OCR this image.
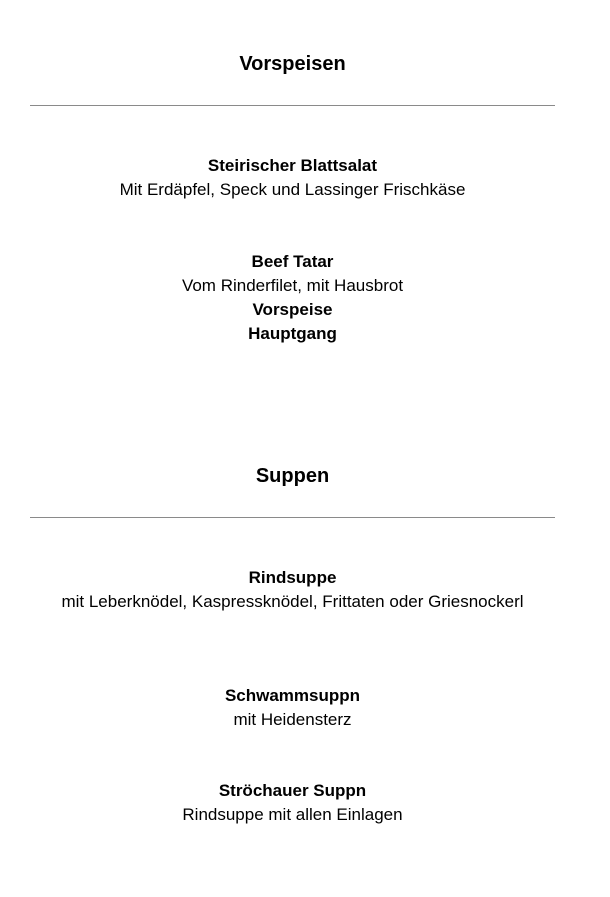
Vorspeisen
Steirischer Blattsalat
Mit Erdäpfel, Speck und Lassinger Frischkäse
Beef Tatar
Vom Rinderfilet, mit Hausbrot
Vorspeise
Hauptgang
Suppen
Rindsuppe
mit Leberknödel, Kaspressknödel, Frittaten oder Griesnockerl
Schwammsuppn
mit Heidensterz
Ströchauer Suppn
Rindsuppe mit allen Einlagen
